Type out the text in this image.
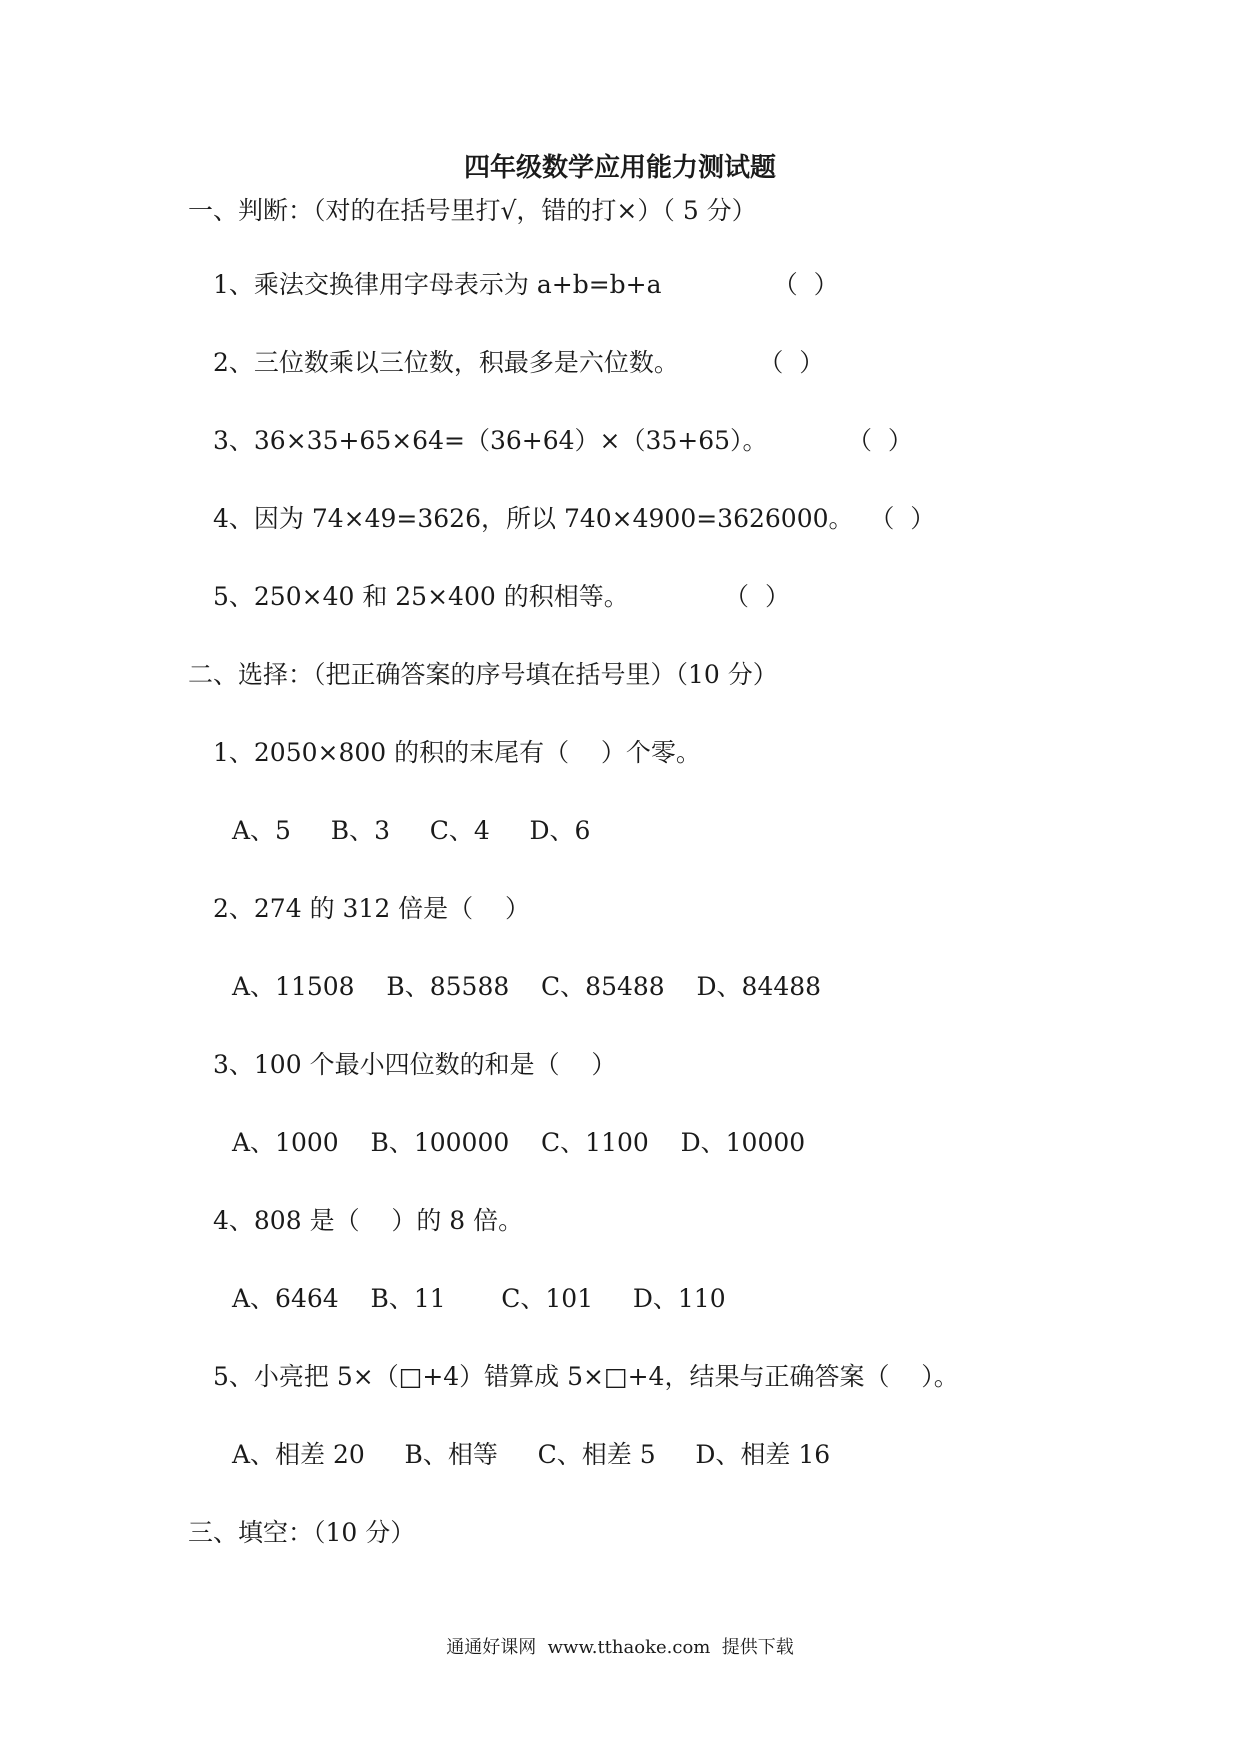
四年级数学应用能力测试题
一、判断：（对的在括号里打√，错的打×）（ 5 分）
1、乘法交换律用字母表示为 a+b=b+a              （  ）
2、三位数乘以三位数，积最多是六位数。          （  ）
3、36×35+65×64=（36+64）×（35+65）。          （  ）
4、因为 74×49=3626，所以 740×4900=3626000。  （  ）
5、250×40 和 25×400 的积相等。            （  ）
二、选择：（把正确答案的序号填在括号里）（10 分）
1、2050×800 的积的末尾有（    ）个零。
A、5     B、3     C、4     D、6
2、274 的 312 倍是（    ）
A、11508    B、85588    C、85488    D、84488
3、100 个最小四位数的和是（    ）
A、1000    B、100000    C、1100    D、10000
4、808 是（    ）的 8 倍。
A、6464    B、11       C、101     D、110
5、小亮把 5×（□+4）错算成 5×□+4，结果与正确答案（    ）。
A、相差 20     B、相等     C、相差 5     D、相差 16
三、填空：（10 分）
通通好课网  www.tthaoke.com  提供下载
